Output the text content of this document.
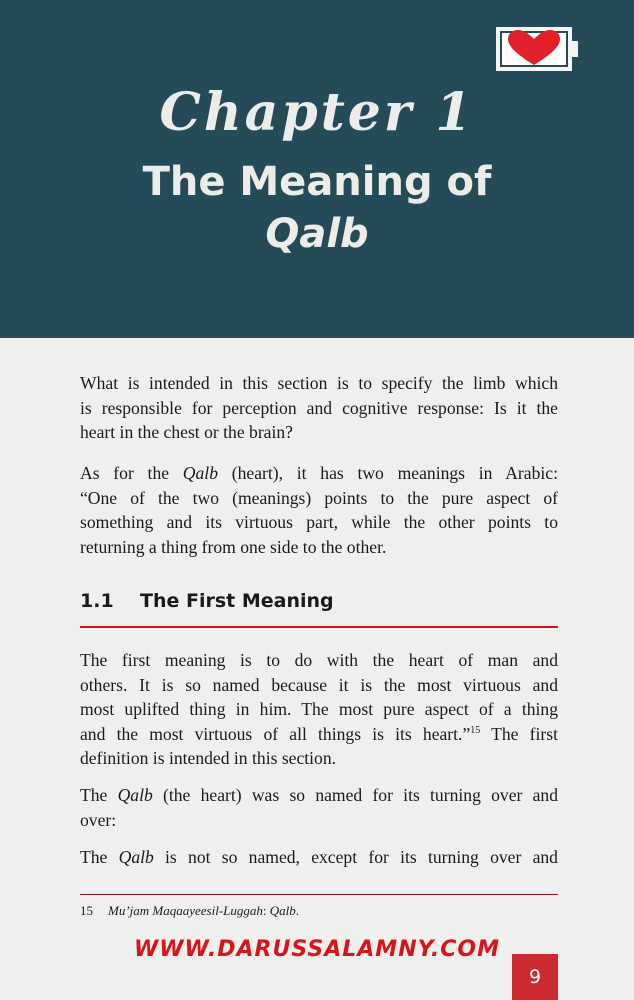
Chapter 1
The Meaning of
Qalb
What is intended in this section is to specify the limb which
is responsible for perception and cognitive response: Is it the
heart in the chest or the brain?
As for the Qalb (heart), it has two meanings in Arabic:
“One of the two (meanings) points to the pure aspect of
something and its virtuous part, while the other points to
returning a thing from one side to the other.
1.1 The First Meaning
The first meaning is to do with the heart of man and
others. It is so named because it is the most virtuous and
most uplifted thing in him. The most pure aspect of a thing
and the most virtuous of all things is its heart.”$^{15}$ The first
definition is intended in this section.
The Qalb (the heart) was so named for its turning over and
over:
The Qalb is not so named, except for its turning over and
15 Mu’jam Maqaayeesil-Luggah: Qalb.
WWW.DARUSSALAMNY.COM
9
